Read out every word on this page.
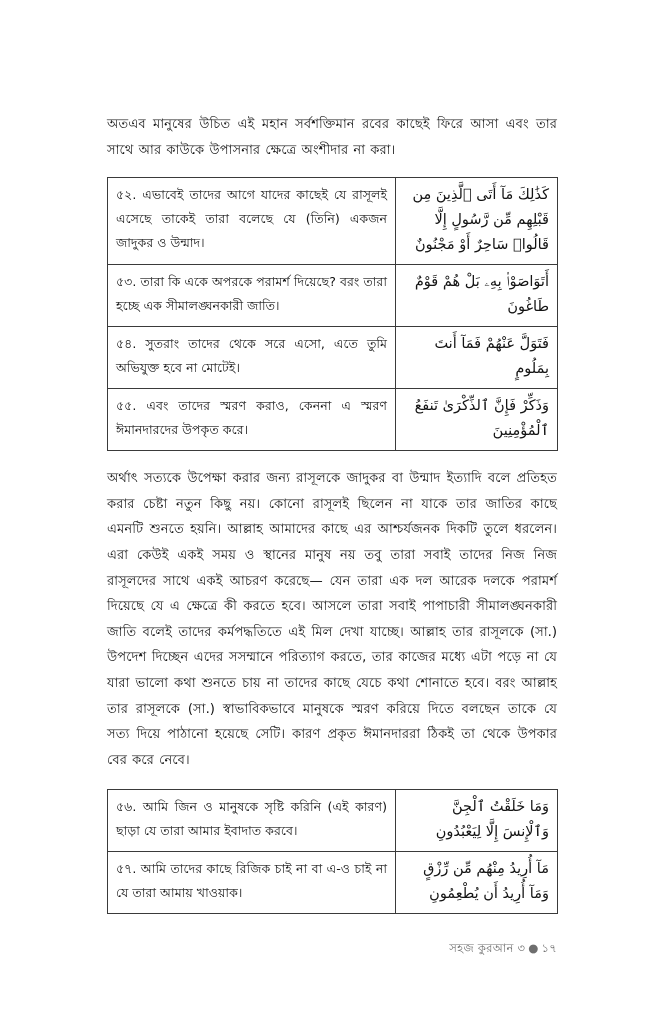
অতএব মানুষের উচিত এই মহান সর্বশক্তিমান রবের কাছেই ফিরে আসা এবং তার সাথে আর কাউকে উপাসনার ক্ষেত্রে অংশীদার না করা।

৫২. এভাবেই তাদের আগে যাদের কাছেই যে রাসূলই এসেছে তাকেই তারা বলেছে যে (তিনি) একজন জাদুকর ও উন্মাদ।	كَذَٰلِكَ مَآ أَتَى ٱلَّذِينَ مِن قَبْلِهِم مِّن رَّسُولٍ إِلَّا قَالُوا۟ سَاحِرٌ أَوْ مَجْنُونٌ
৫৩. তারা কি একে অপরকে পরামর্শ দিয়েছে? বরং তারা হচ্ছে এক সীমালঙ্ঘনকারী জাতি।	أَتَوَاصَوْا۟ بِهِۦ بَلْ هُمْ قَوْمٌ طَاغُونَ
৫৪. সুতরাং তাদের থেকে সরে এসো, এতে তুমি অভিযুক্ত হবে না মোটেই।	فَتَوَلَّ عَنْهُمْ فَمَآ أَنتَ بِمَلُومٍ
৫৫. এবং তাদের স্মরণ করাও, কেননা এ স্মরণ ঈমানদারদের উপকৃত করে।	وَذَكِّرْ فَإِنَّ ٱلذِّكْرَىٰ تَنفَعُ ٱلْمُؤْمِنِينَ

অর্থাৎ সত্যকে উপেক্ষা করার জন্য রাসূলকে জাদুকর বা উন্মাদ ইত্যাদি বলে প্রতিহত করার চেষ্টা নতুন কিছু নয়। কোনো রাসূলই ছিলেন না যাকে তার জাতির কাছে এমনটি শুনতে হয়নি। আল্লাহ আমাদের কাছে এর আশ্চর্যজনক দিকটি তুলে ধরলেন। এরা কেউই একই সময় ও স্থানের মানুষ নয় তবু তারা সবাই তাদের নিজ নিজ রাসূলদের সাথে একই আচরণ করেছে— যেন তারা এক দল আরেক দলকে পরামর্শ দিয়েছে যে এ ক্ষেত্রে কী করতে হবে। আসলে তারা সবাই পাপাচারী সীমালঙ্ঘনকারী জাতি বলেই তাদের কর্মপদ্ধতিতে এই মিল দেখা যাচ্ছে। আল্লাহ তার রাসূলকে (সা.) উপদেশ দিচ্ছেন এদের সসম্মানে পরিত্যাগ করতে, তার কাজের মধ্যে এটা পড়ে না যে যারা ভালো কথা শুনতে চায় না তাদের কাছে যেচে কথা শোনাতে হবে। বরং আল্লাহ তার রাসূলকে (সা.) স্বাভাবিকভাবে মানুষকে স্মরণ করিয়ে দিতে বলছেন তাকে যে সত্য দিয়ে পাঠানো হয়েছে সেটি। কারণ প্রকৃত ঈমানদাররা ঠিকই তা থেকে উপকার বের করে নেবে।

৫৬. আমি জিন ও মানুষকে সৃষ্টি করিনি (এই কারণ) ছাড়া যে তারা আমার ইবাদাত করবে।	وَمَا خَلَقْتُ ٱلْجِنَّ وَٱلْإِنسَ إِلَّا لِيَعْبُدُونِ
৫৭. আমি তাদের কাছে রিজিক চাই না বা এ-ও চাই না যে তারা আমায় খাওয়াক।	مَآ أُرِيدُ مِنْهُم مِّن رِّزْقٍ وَمَآ أُرِيدُ أَن يُطْعِمُونِ
সহজ কুরআন ৩ ● ১৭
